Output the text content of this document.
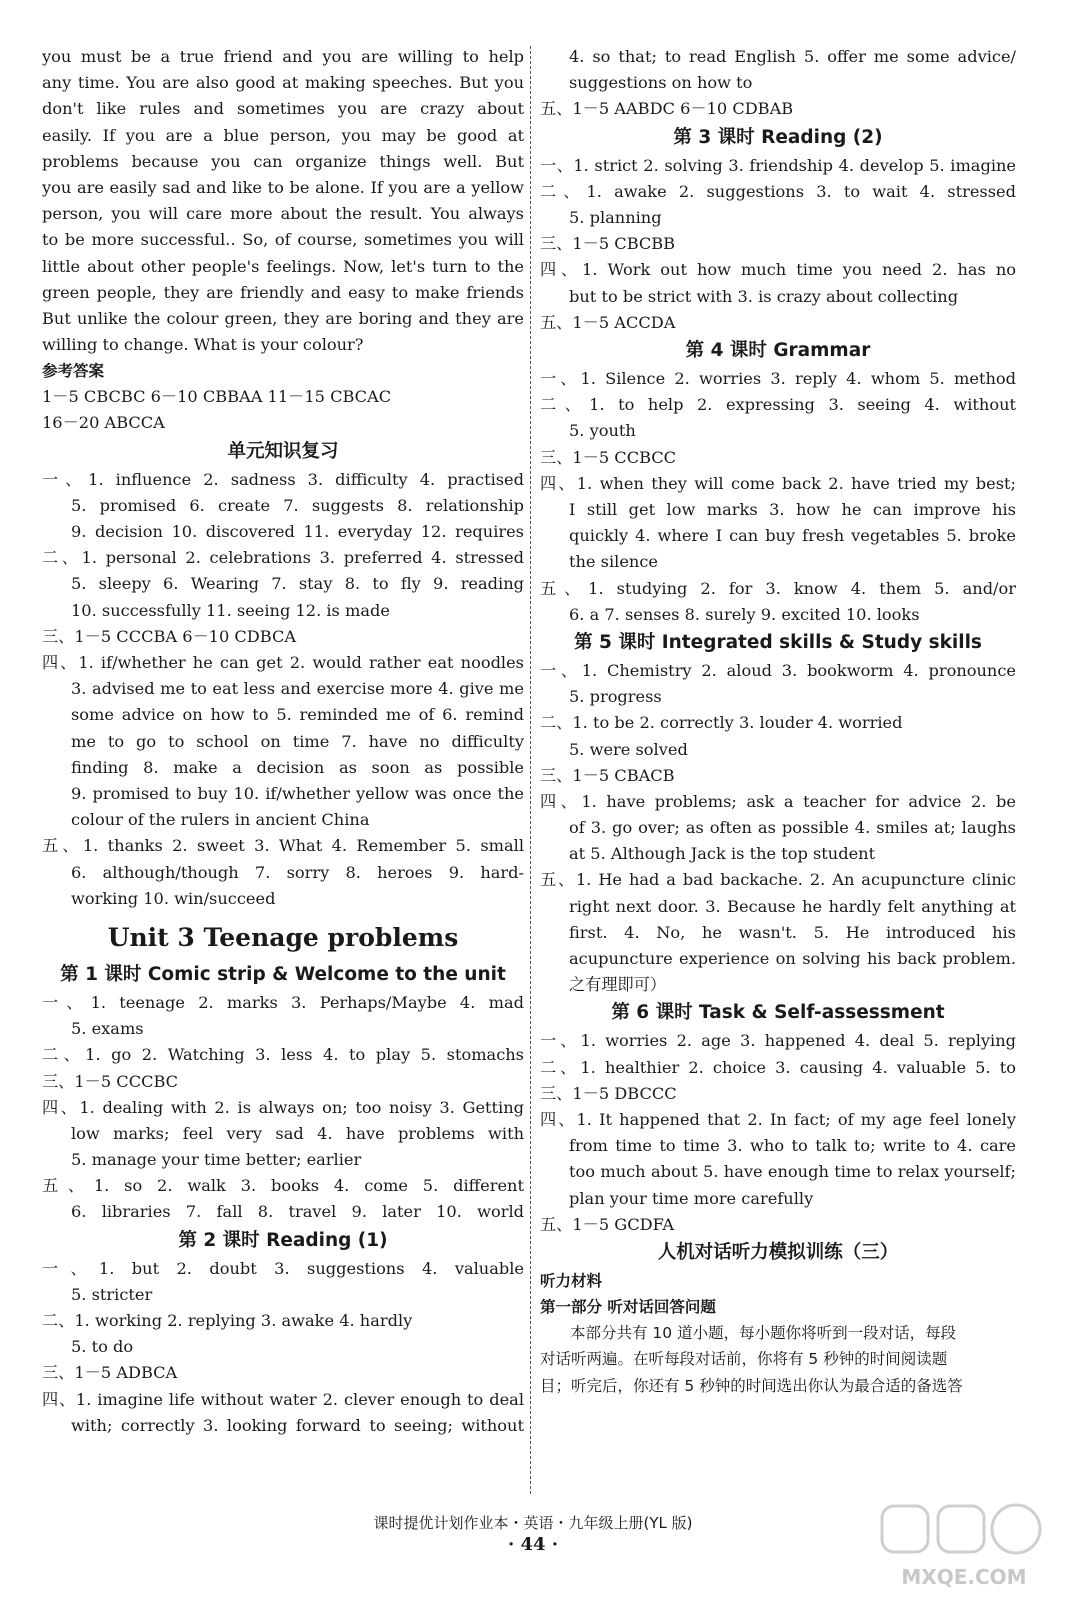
you must be a true friend and you are willing to help
any time. You are also good at making speeches. But you
don't like rules and sometimes you are crazy about
easily. If you are a blue person, you may be good at
problems because you can organize things well. But
you are easily sad and like to be alone. If you are a yellow
person, you will care more about the result. You always
to be more successful.. So, of course, sometimes you will
little about other people's feelings. Now, let's turn to the
green people, they are friendly and easy to make friends
But unlike the colour green, they are boring and they are
willing to change. What is your colour?
参考答案
1－5 CBCBC 6－10 CBBAA 11－15 CBCAC
16－20 ABCCA
单元知识复习
一、1. influence 2. sadness 3. difficulty 4. practised
5. promised 6. create 7. suggests 8. relationship
9. decision 10. discovered 11. everyday 12. requires
二、1. personal 2. celebrations 3. preferred 4. stressed
5. sleepy 6. Wearing 7. stay 8. to fly 9. reading
10. successfully 11. seeing 12. is made
三、1－5 CCCBA 6－10 CDBCA
四、1. if/whether he can get 2. would rather eat noodles
3. advised me to eat less and exercise more 4. give me
some advice on how to 5. reminded me of 6. remind
me to go to school on time 7. have no difficulty
finding 8. make a decision as soon as possible
9. promised to buy 10. if/whether yellow was once the
colour of the rulers in ancient China
五、1. thanks 2. sweet 3. What 4. Remember 5. small
6. although/though 7. sorry 8. heroes 9. hard-
working 10. win/succeed
Unit 3 Teenage problems
第 1 课时 Comic strip & Welcome to the unit
一、1. teenage 2. marks 3. Perhaps/Maybe 4. mad
5. exams
二、1. go 2. Watching 3. less 4. to play 5. stomachs
三、1－5 CCCBC
四、1. dealing with 2. is always on; too noisy 3. Getting
low marks; feel very sad 4. have problems with
5. manage your time better; earlier
五、1. so 2. walk 3. books 4. come 5. different
6. libraries 7. fall 8. travel 9. later 10. world
第 2 课时 Reading (1)
一、1. but 2. doubt 3. suggestions 4. valuable
5. stricter
二、1. working 2. replying 3. awake 4. hardly
5. to do
三、1－5 ADBCA
四、1. imagine life without water 2. clever enough to deal
with; correctly 3. looking forward to seeing; without
4. so that; to read English 5. offer me some advice/
suggestions on how to
五、1－5 AABDC 6－10 CDBAB
第 3 课时 Reading (2)
一、1. strict 2. solving 3. friendship 4. develop 5. imagine
二、1. awake 2. suggestions 3. to wait 4. stressed
5. planning
三、1－5 CBCBB
四、1. Work out how much time you need 2. has no
but to be strict with 3. is crazy about collecting
五、1－5 ACCDA
第 4 课时 Grammar
一、1. Silence 2. worries 3. reply 4. whom 5. method
二、1. to help 2. expressing 3. seeing 4. without
5. youth
三、1－5 CCBCC
四、1. when they will come back 2. have tried my best;
I still get low marks 3. how he can improve his
quickly 4. where I can buy fresh vegetables 5. broke
the silence
五、1. studying 2. for 3. know 4. them 5. and/or
6. a 7. senses 8. surely 9. excited 10. looks
第 5 课时 Integrated skills & Study skills
一、1. Chemistry 2. aloud 3. bookworm 4. pronounce
5. progress
二、1. to be 2. correctly 3. louder 4. worried
5. were solved
三、1－5 CBACB
四、1. have problems; ask a teacher for advice 2. be
of 3. go over; as often as possible 4. smiles at; laughs
at 5. Although Jack is the top student
五、1. He had a bad backache. 2. An acupuncture clinic
right next door. 3. Because he hardly felt anything at
first. 4. No, he wasn't. 5. He introduced his
acupuncture experience on solving his back problem.
之有理即可）
第 6 课时 Task & Self-assessment
一、1. worries 2. age 3. happened 4. deal 5. replying
二、1. healthier 2. choice 3. causing 4. valuable 5. to
三、1－5 DBCCC
四、1. It happened that 2. In fact; of my age feel lonely
from time to time 3. who to talk to; write to 4. care
too much about 5. have enough time to relax yourself;
plan your time more carefully
五、1－5 GCDFA
人机对话听力模拟训练（三）
听力材料
第一部分 听对话回答问题
本部分共有 10 道小题，每小题你将听到一段对话，每段
对话听两遍。在听每段对话前，你将有 5 秒钟的时间阅读题
目；听完后，你还有 5 秒钟的时间选出你认为最合适的备选答
课时提优计划作业本・英语・九年级上册(YL 版)
· 44 ·
MXQE.COM
